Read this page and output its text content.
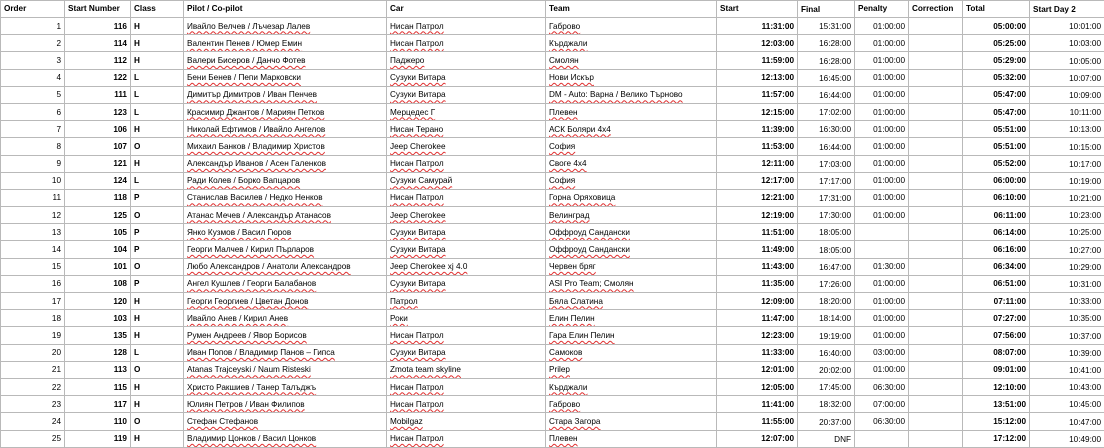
Order	Start Number	Class	Pilot / Co-pilot	Car	Team	Start	Final	Penalty	Correction	Total	Start Day 2
1	116	H	Ивайло Велчев / Лъчезар Лалев	Нисан Патрол	Габрово	11:31:00	15:31:00	01:00:00		05:00:00	10:01:00
2	114	H	Валентин Пенев / Юмер Емин	Нисан Патрол	Кърджали	12:03:00	16:28:00	01:00:00		05:25:00	10:03:00
3	112	H	Валери Бисеров / Данчо Фотев	Паджеро	Смолян	11:59:00	16:28:00	01:00:00		05:29:00	10:05:00
4	122	L	Бени Бенев / Пепи Марковски	Сузуки Витара	Нови Искър	12:13:00	16:45:00	01:00:00		05:32:00	10:07:00
5	111	L	Димитър Димитров / Иван Пенчев	Сузуки Витара	DM - Auto: Варна / Велико Търново	11:57:00	16:44:00	01:00:00		05:47:00	10:09:00
6	123	L	Красимир Джантов / Мариян Петков	Мерцедес Г	Плевен	12:15:00	17:02:00	01:00:00		05:47:00	10:11:00
7	106	H	Николай Ефтимов / Ивайло Ангелов	Нисан Терано	АСК Боляри 4х4	11:39:00	16:30:00	01:00:00		05:51:00	10:13:00
8	107	O	Михаил Банков / Владимир Христов	Jeep Cherokee	София	11:53:00	16:44:00	01:00:00		05:51:00	10:15:00
9	121	H	Александър Иванов / Асен Галенков	Нисан Патрол	Своге 4х4	12:11:00	17:03:00	01:00:00		05:52:00	10:17:00
10	124	L	Ради Колев / Борко Вапцаров	Сузуки Самурай	София	12:17:00	17:17:00	01:00:00		06:00:00	10:19:00
11	118	P	Станислав Василев / Недко Ненков	Нисан Патрол	Горна Оряховица	12:21:00	17:31:00	01:00:00		06:10:00	10:21:00
12	125	O	Атанас Мечев / Александър Атанасов	Jeep Cherokee	Велинград	12:19:00	17:30:00	01:00:00		06:11:00	10:23:00
13	105	P	Янко Кузмов / Васил Гюров	Сузуки Витара	Оффроуд Сандански	11:51:00	18:05:00			06:14:00	10:25:00
14	104	P	Георги Малчев / Кирил Пърларов	Сузуки Витара	Оффроуд Сандански	11:49:00	18:05:00			06:16:00	10:27:00
15	101	O	Любо Александров / Анатоли Александров	Jeep Cherokee xj 4.0	Червен бряг	11:43:00	16:47:00	01:30:00		06:34:00	10:29:00
16	108	P	Ангел Кушлев / Георги Балабанов	Сузуки Витара	ASI Pro Team; Смолян	11:35:00	17:26:00	01:00:00		06:51:00	10:31:00
17	120	H	Георги Георгиев / Цветан Донов	Патрол	Бяла Слатина	12:09:00	18:20:00	01:00:00		07:11:00	10:33:00
18	103	H	Ивайло Анев / Кирил Анев	Роки	Елин Пелин	11:47:00	18:14:00	01:00:00		07:27:00	10:35:00
19	135	H	Румен Андреев / Явор Борисов	Нисан Патрол	Гара Елин Пелин	12:23:00	19:19:00	01:00:00		07:56:00	10:37:00
20	128	L	Иван Попов / Владимир Панов – Гипса	Сузуки Витара	Самоков	11:33:00	16:40:00	03:00:00		08:07:00	10:39:00
21	113	O	Atanas Trajceyski / Naum Risteski	Zmota team skyline	Prilep	12:01:00	20:02:00	01:00:00		09:01:00	10:41:00
22	115	H	Христо Ракшиев / Танер Талъджъ	Нисан Патрол	Кърджали	12:05:00	17:45:00	06:30:00		12:10:00	10:43:00
23	117	H	Юлиян Петров / Иван Филипов	Нисан Патрол	Габрово	11:41:00	18:32:00	07:00:00		13:51:00	10:45:00
24	110	O	Стефан Стефанов	Mobilgaz	Стара Загора	11:55:00	20:37:00	06:30:00		15:12:00	10:47:00
25	119	H	Владимир Цонков / Васил Цонков	Нисан Патрол	Плевен	12:07:00	DNF			17:12:00	10:49:00
